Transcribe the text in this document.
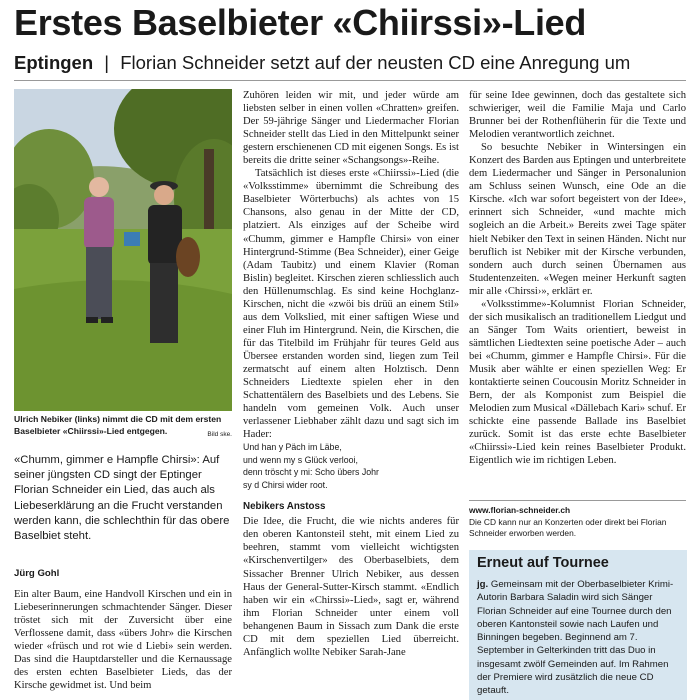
Erstes Baselbieter «Chiirssi»-Lied
Eptingen | Florian Schneider setzt auf der neusten CD eine Anregung um
Ulrich Nebiker (links) nimmt die CD mit dem ersten Baselbieter «Chiirssi»-Lied entgegen.	Bild ske.
«Chumm, gimmer e Hampfle Chirsi»: Auf seiner jüngsten CD singt der Eptinger Florian Schneider ein Lied, das auch als Liebeserklärung an die Frucht verstanden werden kann, die schlechthin für das obere Baselbiet steht.
Jürg Gohl

Ein alter Baum, eine Handvoll Kirschen und ein in Liebeserinnerungen schmachtender Sänger. Dieser tröstet sich mit der Zuversicht über eine Verflossene damit, dass «übers Johr» die Kirschen wieder «früsch und rot wie d Liebi» sein werden. Das sind die Hauptdarsteller und die Kernaussage des ersten echten Baselbieter Lieds, das der Kirsche gewidmet ist. Und beim

Zuhören leiden wir mit, und jeder würde am liebsten selber in einen vollen «Chratten» greifen. Der 59-jährige Sänger und Liedermacher Florian Schneider stellt das Lied in den Mittelpunkt seiner gestern erschienenen CD mit eigenen Songs. Es ist bereits die dritte seiner «Schangsongs»-Reihe.

Tatsächlich ist dieses erste «Chiirssi»-Lied (die «Volksstimme» übernimmt die Schreibung des Baselbieter Wörterbuchs) als achtes von 15 Chansons, also genau in der Mitte der CD, platziert. Als einziges auf der Scheibe wird «Chumm, gimmer e Hampfle Chirsi» von einer Hintergrund-Stimme (Bea Schneider), einer Geige (Adam Taubitz) und einem Klavier (Roman Bislin) begleitet. Kirschen zieren schliesslich auch den Hüllenumschlag. Es sind keine Hochglanz-Kirschen, nicht die «zwöi bis drüü an einem Stil» aus dem Volkslied, mit einer saftigen Wiese und einer Fluh im Hintergrund. Nein, die Kirschen, die für das Titelbild im Frühjahr für teures Geld aus Übersee erstanden worden sind, liegen zum Teil zermatscht auf einem alten Holztisch. Denn Schneiders Liedtexte spielen eher in den Schattentälern des Baselbiets und des Lebens. Sie handeln vom gemeinen Volk. Auch unser verlassener Liebhaber zählt dazu und sagt sich im Hader:

Und han y Päch im Läbe,

und wenn my s Glück verlooi,

denn tröscht y mi: Scho übers Johr

sy d Chirsi wider root.

Nebikers Anstoss

Die Idee, die Frucht, die wie nichts anderes für den oberen Kantonsteil steht, mit einem Lied zu beehren, stammt vom vielleicht wichtigsten «Kirschenvertilger» des Oberbaselbiets, dem Sissacher Brenner Ulrich Nebiker, aus dessen Haus der General-Sutter-Kirsch stammt. «Endlich haben wir ein «Chirssi»-Lied», sagt er, während ihm Florian Schneider unter einem voll behangenen Baum in Sissach zum Dank die erste CD mit dem speziellen Lied überreicht. Anfänglich wollte Nebiker Sarah-Jane

für seine Idee gewinnen, doch das gestaltete sich schwieriger, weil die Familie Maja und Carlo Brunner bei der Rothenflüherin für die Texte und Melodien verantwortlich zeichnet.

So besuchte Nebiker in Wintersingen ein Konzert des Barden aus Eptingen und unterbreitete dem Liedermacher und Sänger in Personalunion am Schluss seinen Wunsch, eine Ode an die Kirsche. «Ich war sofort begeistert von der Idee», erinnert sich Schneider, «und machte mich sogleich an die Arbeit.» Bereits zwei Tage später hielt Nebiker den Text in seinen Händen. Nicht nur beruflich ist Nebiker mit der Kirsche verbunden, sondern auch durch seinen Übernamen aus Studentenzeiten. «Wegen meiner Herkunft sagten mir alle ‹Chirssi›», erklärt er.

«Volksstimme»-Kolumnist Florian Schneider, der sich musikalisch an traditionellem Liedgut und an Sänger Tom Waits orientiert, beweist in sämtlichen Liedtexten seine poetische Ader – auch bei «Chumm, gimmer e Hampfle Chirsi». Für die Musik aber wählte er einen speziellen Weg: Er kontaktierte seinen Coucousin Moritz Schneider in Bern, der als Komponist zum Beispiel die Melodien zum Musical «Dällebach Kari» schuf. Er schickte eine passende Ballade ins Baselbiet zurück. Somit ist das erste echte Baselbieter «Chiirssi»-Lied kein reines Baselbieter Produkt. Eigentlich wie im richtigen Leben.

www.florian-schneider.ch
Die CD kann nur an Konzerten oder direkt bei Florian Schneider erworben werden.
Erneut auf Tournee
jg. Gemeinsam mit der Oberbaselbieter Krimi-Autorin Barbara Saladin wird sich Sänger Florian Schneider auf eine Tournee durch den oberen Kantonsteil sowie nach Laufen und Binningen begeben. Beginnend am 7. September in Gelterkinden tritt das Duo in insgesamt zwölf Gemeinden auf. Im Rahmen der Premiere wird zusätzlich die neue CD getauft.
